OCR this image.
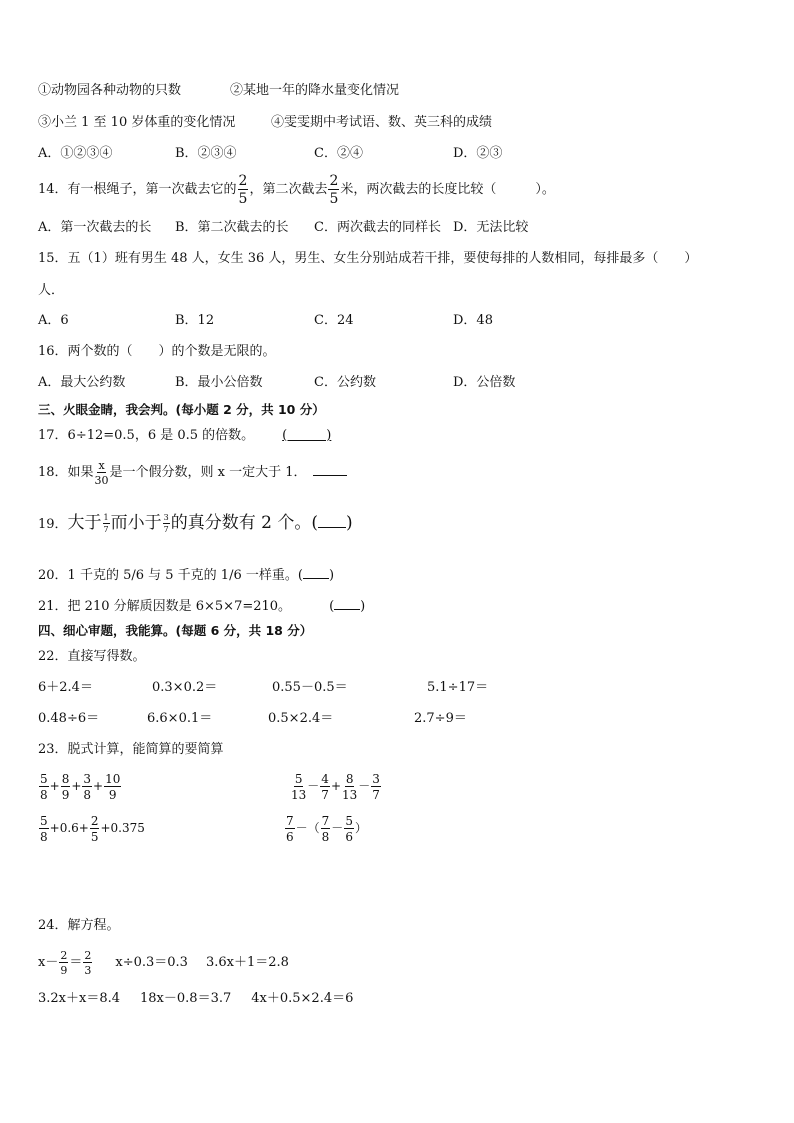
①动物园各种动物的只数	②某地一年的降水量变化情况
③小兰 1 至 10 岁体重的变化情况	④雯雯期中考试语、数、英三科的成绩
A．①②③④	B．②③④	C．②④	D．②③
14．有一根绳子，第一次截去它的 $\frac{2}{5}$ ，第二次截去 $\frac{2}{5}$ 米，两次截去的长度比较（　　　）。
A．第一次截去的长 B．第二次截去的长 C．两次截去的同样长 D．无法比较
15．五（1）班有男生 48 人，女生 36 人，男生、女生分别站成若干排，要使每排的人数相同，每排最多（　　）
人．
A．6	B．12	C．24	D．48
16．两个数的（　　）的个数是无限的。
A．最大公约数	B．最小公倍数	C．公约数	D．公倍数
三、火眼金睛，我会判。(每小题 2 分，共 10 分）
17．6÷12=0.5，6 是 0.5 的倍数。 (　　　)
18．如果 $\frac{x}{30}$ 是一个假分数，则 x 一定大于 1．
19．大于 $\frac{1}{7}$ 而小于 $\frac{3}{7}$ 的真分数有 2 个。( )
20．1 千克的 5/6 与 5 千克的 1/6 一样重。( )
21．把 210 分解质因数是 6×5×7=210。	( )
四、细心审题，我能算。(每题 6 分，共 18 分）
22．直接写得数。
6＋2.4＝	0.3×0.2＝	0.55－0.5＝	5.1÷17＝
0.48÷6＝	6.6×0.1＝	0.5×2.4＝	2.7÷9＝
23．脱式计算，能简算的要简算
$\frac{5}{8} + \frac{8}{9} + \frac{3}{8} + \frac{10}{9}$	$\frac{5}{13} - \frac{4}{7} + \frac{8}{13} - \frac{3}{7}$
$\frac{5}{8} +0.6+ \frac{2}{5} +0.375$	$\frac{7}{6}$ －（ $\frac{7}{8} - \frac{5}{6}$ ）
24．解方程。
$x- \frac{2}{9} = \frac{2}{3} x\div 0.3=0.3$ 3.6x＋1＝2.8
3.2x＋x＝8.4 18x－0.8＝3.7 4x＋0.5×2.4＝6
